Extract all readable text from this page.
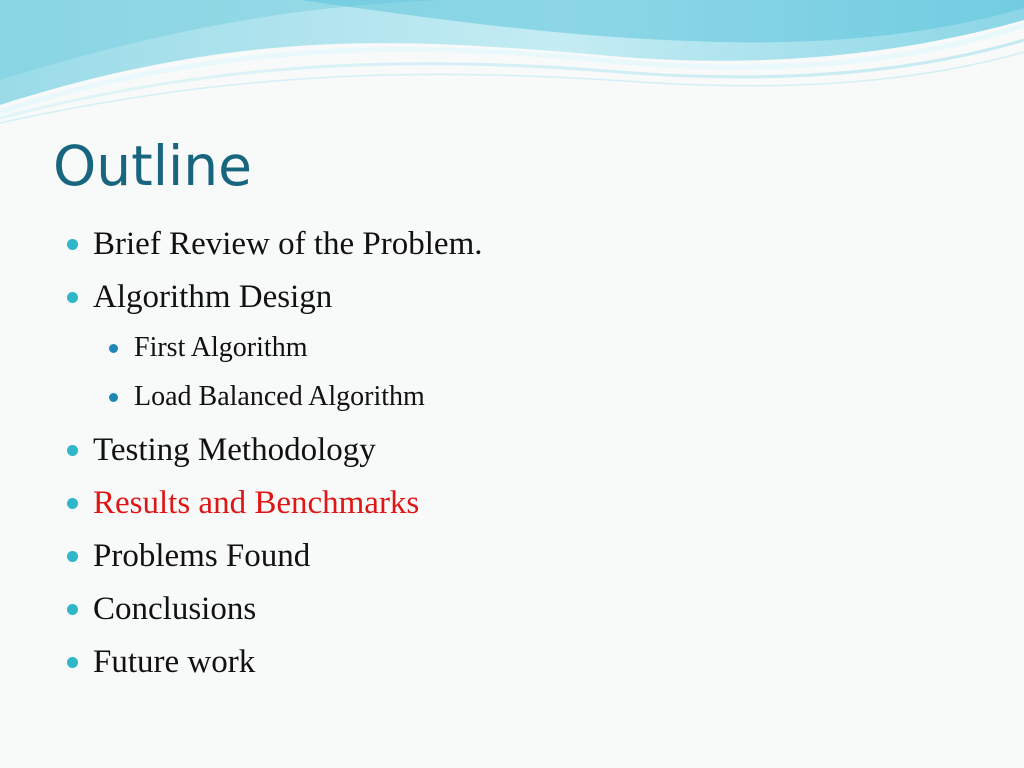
Outline
Brief Review of the Problem.
Algorithm Design
First Algorithm
Load Balanced Algorithm
Testing Methodology
Results and Benchmarks
Problems Found
Conclusions
Future work
